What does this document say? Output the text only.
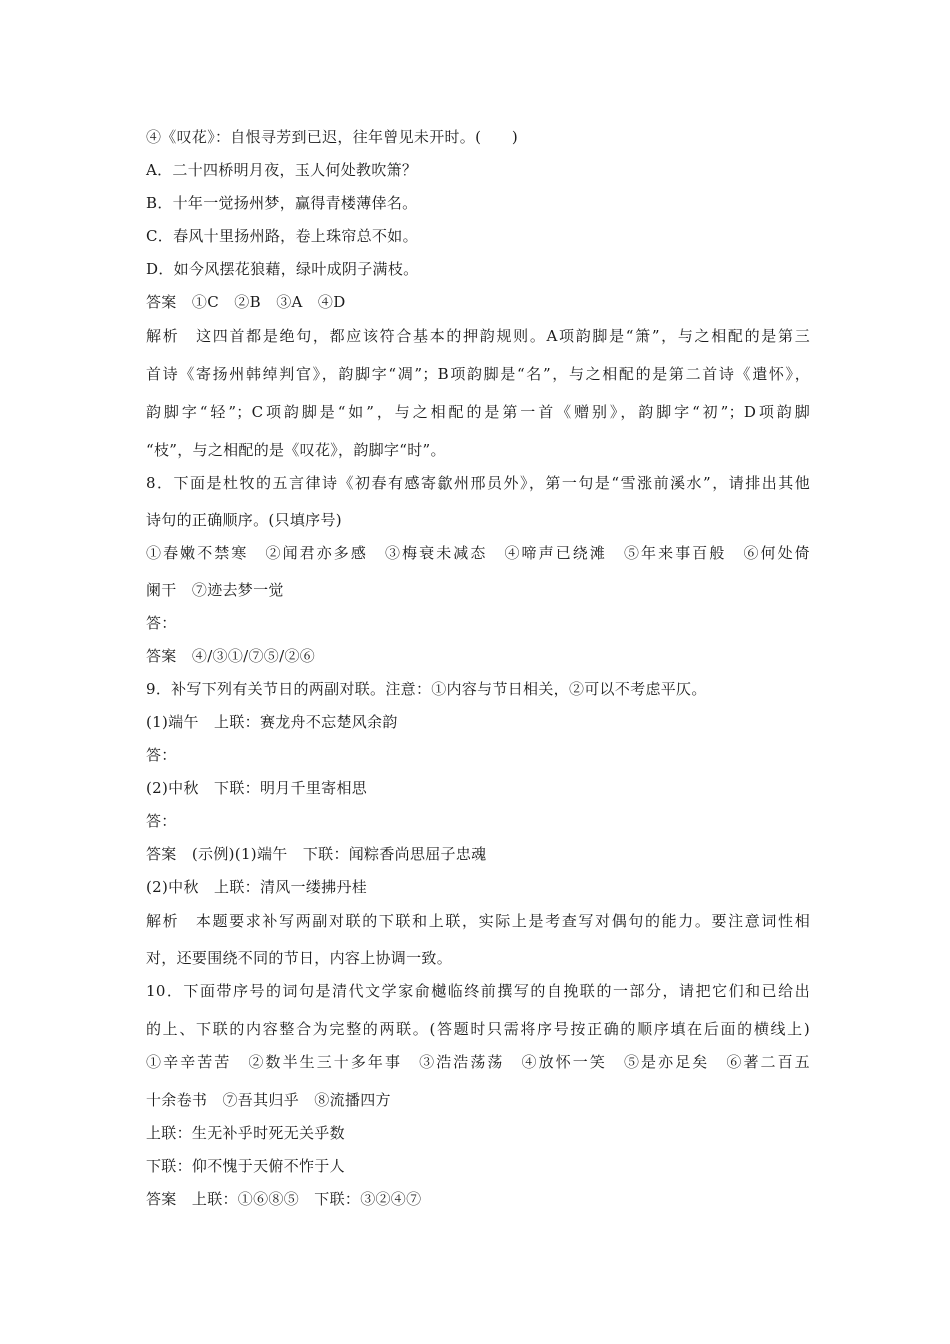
④《叹花》：自恨寻芳到已迟，往年曾见未开时。(　　)
A．二十四桥明月夜，玉人何处教吹箫？
B．十年一觉扬州梦，赢得青楼薄倖名。
C．春风十里扬州路，卷上珠帘总不如。
D．如今风摆花狼藉，绿叶成阴子满枝。
答案　①C　②B　③A　④D
解析　这四首都是绝句，都应该符合基本的押韵规则。A项韵脚是“箫”，与之相配的是第三
首诗《寄扬州韩绰判官》，韵脚字“凋”；B项韵脚是“名”，与之相配的是第二首诗《遣怀》，
韵脚字“轻”；C项韵脚是“如”，与之相配的是第一首《赠别》，韵脚字“初”；D项韵脚
“枝”，与之相配的是《叹花》，韵脚字“时”。
8．下面是杜牧的五言律诗《初春有感寄歙州邢员外》，第一句是“雪涨前溪水”，请排出其他
诗句的正确顺序。(只填序号)
①春嫩不禁寒　②闻君亦多感　③梅衰未减态　④啼声已绕滩　⑤年来事百般　⑥何处倚
阑干　⑦迹去梦一觉
答：
答案　④/③①/⑦⑤/②⑥
9．补写下列有关节日的两副对联。注意：①内容与节日相关，②可以不考虑平仄。
(1)端午　上联：赛龙舟不忘楚风余韵
答：
(2)中秋　下联：明月千里寄相思
答：
答案　(示例)(1)端午　下联：闻粽香尚思屈子忠魂
(2)中秋　上联：清风一缕拂丹桂
解析　本题要求补写两副对联的下联和上联，实际上是考查写对偶句的能力。要注意词性相
对，还要围绕不同的节日，内容上协调一致。
10．下面带序号的词句是清代文学家俞樾临终前撰写的自挽联的一部分，请把它们和已给出
的上、下联的内容整合为完整的两联。(答题时只需将序号按正确的顺序填在后面的横线上)
①辛辛苦苦　②数半生三十多年事　③浩浩荡荡　④放怀一笑　⑤是亦足矣　⑥著二百五
十余卷书　⑦吾其归乎　⑧流播四方
上联：生无补乎时死无关乎数
下联：仰不愧于天俯不怍于人
答案　上联：①⑥⑧⑤　下联：③②④⑦
